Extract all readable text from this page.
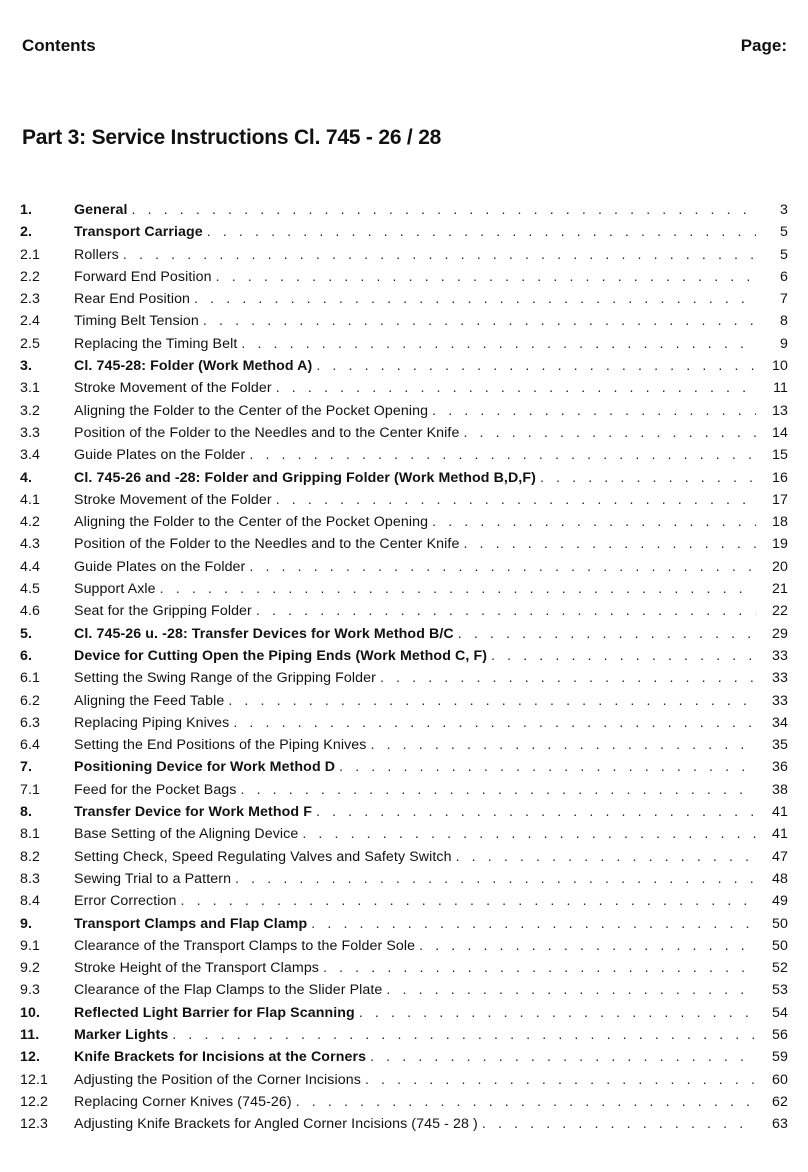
Contents	Page:
Part 3: Service Instructions Cl. 745 - 26 / 28
1.	General . . .	3
2.	Transport Carriage . . .	5
2.1	Rollers . . .	5
2.2	Forward End Position . . .	6
2.3	Rear End Position . . .	7
2.4	Timing Belt Tension . . .	8
2.5	Replacing the Timing Belt . . .	9
3.	Cl. 745-28: Folder (Work Method A) . . .	10
3.1	Stroke Movement of the Folder . . .	11
3.2	Aligning the Folder to the Center of the Pocket Opening . . .	13
3.3	Position of the Folder to the Needles and to the Center Knife . . .	14
3.4	Guide Plates on the Folder . . .	15
4.	Cl. 745-26 and -28: Folder and Gripping Folder (Work Method B,D,F) . . .	16
4.1	Stroke Movement of the Folder . . .	17
4.2	Aligning the Folder to the Center of the Pocket Opening . . .	18
4.3	Position of the Folder to the Needles and to the Center Knife . . .	19
4.4	Guide Plates on the Folder . . .	20
4.5	Support Axle . . .	21
4.6	Seat for the Gripping Folder . . .	22
5.	Cl. 745-26 u. -28: Transfer Devices for Work Method B/C . . .	29
6.	Device for Cutting Open the Piping Ends (Work Method C, F) . . .	33
6.1	Setting the Swing Range of the Gripping Folder . . .	33
6.2	Aligning the Feed Table . . .	33
6.3	Replacing Piping Knives . . .	34
6.4	Setting the End Positions of the Piping Knives . . .	35
7.	Positioning Device for Work Method D . . .	36
7.1	Feed for the Pocket Bags . . .	38
8.	Transfer Device for Work Method F . . .	41
8.1	Base Setting of the Aligning Device . . .	41
8.2	Setting Check, Speed Regulating Valves and Safety Switch . . .	47
8.3	Sewing Trial to a Pattern . . .	48
8.4	Error Correction . . .	49
9.	Transport Clamps and Flap Clamp . . .	50
9.1	Clearance of the Transport Clamps to the Folder Sole . . .	50
9.2	Stroke Height of the Transport Clamps . . .	52
9.3	Clearance of the Flap Clamps to the Slider Plate . . .	53
10.	Reflected Light Barrier for Flap Scanning . . .	54
11.	Marker Lights . . .	56
12.	Knife Brackets for Incisions at the Corners . . .	59
12.1	Adjusting the Position of the Corner Incisions . . .	60
12.2	Replacing Corner Knives (745-26) . . .	62
12.3	Adjusting Knife Brackets for Angled Corner Incisions (745 - 28 ) . . .	63
